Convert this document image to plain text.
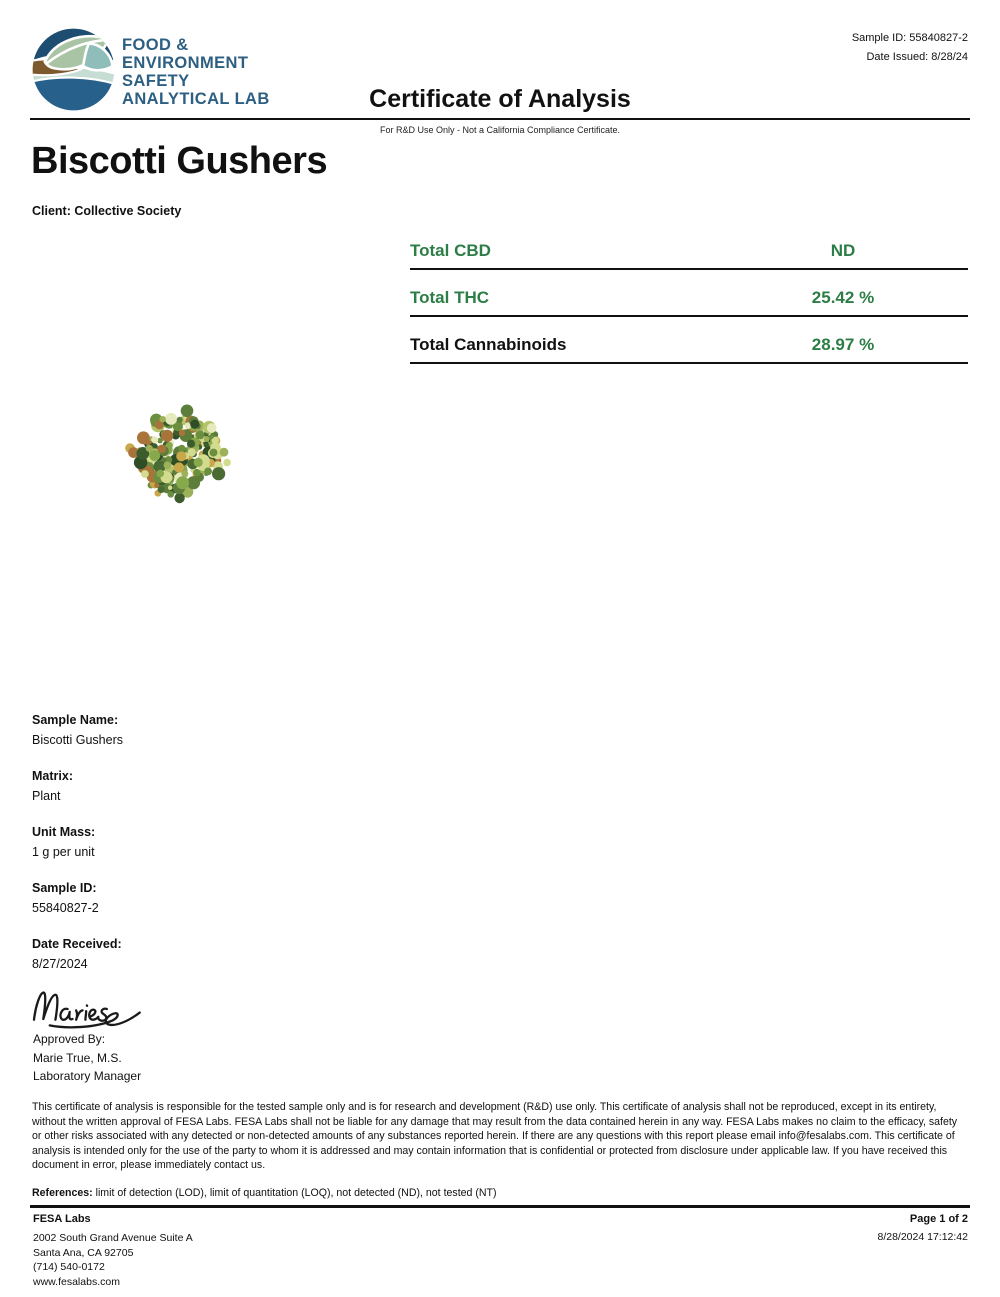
FOOD &
ENVIRONMENT
SAFETY
ANALYTICAL LAB
Sample ID: 55840827-2
Date Issued: 8/28/24
Certificate of Analysis
For R&D Use Only - Not a California Compliance Certificate.
Biscotti Gushers
Client: Collective Society
Total CBD	ND
Total THC	25.42 %
Total Cannabinoids	28.97 %
Sample Name:
Biscotti Gushers
Matrix:
Plant
Unit Mass:
1 g per unit
Sample ID:
55840827-2
Date Received:
8/27/2024
Approved By:
Marie True, M.S.
Laboratory Manager
This certificate of analysis is responsible for the tested sample only and is for research and development (R&D) use only. This certificate of analysis shall not be reproduced, except in its entirety, without the written approval of FESA Labs. FESA Labs shall not be liable for any damage that may result from the data contained herein in any way. FESA Labs makes no claim to the efficacy, safety or other risks associated with any detected or non-detected amounts of any substances reported herein. If there are any questions with this report please email info@fesalabs.com. This certificate of analysis is intended only for the use of the party to whom it is addressed and may contain information that is confidential or protected from disclosure under applicable law. If you have received this document in error, please immediately contact us.
References: limit of detection (LOD), limit of quantitation (LOQ), not detected (ND), not tested (NT)
FESA Labs
2002 South Grand Avenue Suite A
Santa Ana, CA 92705
(714) 540-0172
www.fesalabs.com
Page 1 of 2
8/28/2024 17:12:42
